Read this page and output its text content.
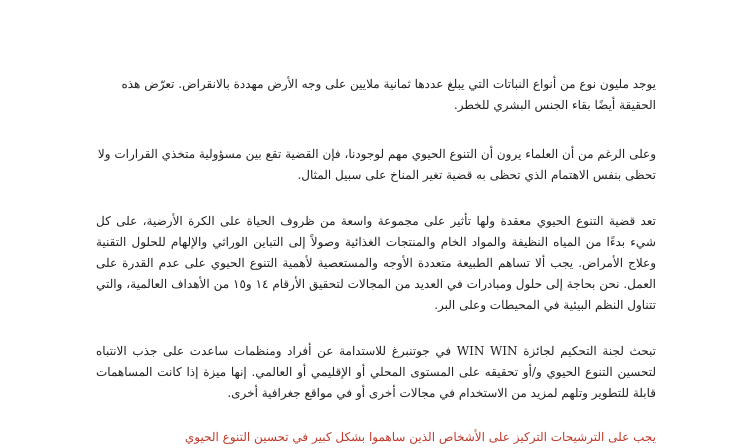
يوجد مليون نوع من أنواع النباتات التي يبلغ عددها ثمانية ملايين على وجه الأرض مهددة بالانقراض. تعرّض هذه الحقيقة أيضًا بقاء الجنس البشري للخطر.

وعلى الرغم من أن العلماء يرون أن التنوع الحيوي مهم لوجودنا، فإن القضية تقع بين مسؤولية متخذي القرارات ولا تحظى بنفس الاهتمام الذي تحظى به قضية تغير المناخ على سبيل المثال.

تعد قضية التنوع الحيوي معقدة ولها تأثير على مجموعة واسعة من ظروف الحياة على الكرة الأرضية، على كل شيء بدءًا من المياه النظيفة والمواد الخام والمنتجات الغذائية وصولاً إلى التباين الوراثي والإلهام للحلول التقنية وعلاج الأمراض. يجب ألا تساهم الطبيعة متعددة الأوجه والمستعصية لأهمية التنوع الحيوي على عدم القدرة على العمل. نحن بحاجة إلى حلول ومبادرات في العديد من المجالات لتحقيق الأرقام ١٤ و١٥ من الأهداف العالمية، والتي تتناول النظم البيئية في المحيطات وعلى البر.

تبحث لجنة التحكيم لجائزة WIN WIN في جوتنبرغ للاستدامة عن أفراد ومنظمات ساعدت على جذب الانتباه لتحسين التنوع الحيوي و/أو تحقيقه على المستوى المحلي أو الإقليمي أو العالمي. إنها ميزة إذا كانت المساهمات قابلة للتطوير وتلهم لمزيد من الاستخدام في مجالات أخرى أو في مواقع جغرافية أخرى.

يجب على الترشيحات التركيز على الأشخاص الذين ساهموا بشكل كبير في تحسين التنوع الحيوي
